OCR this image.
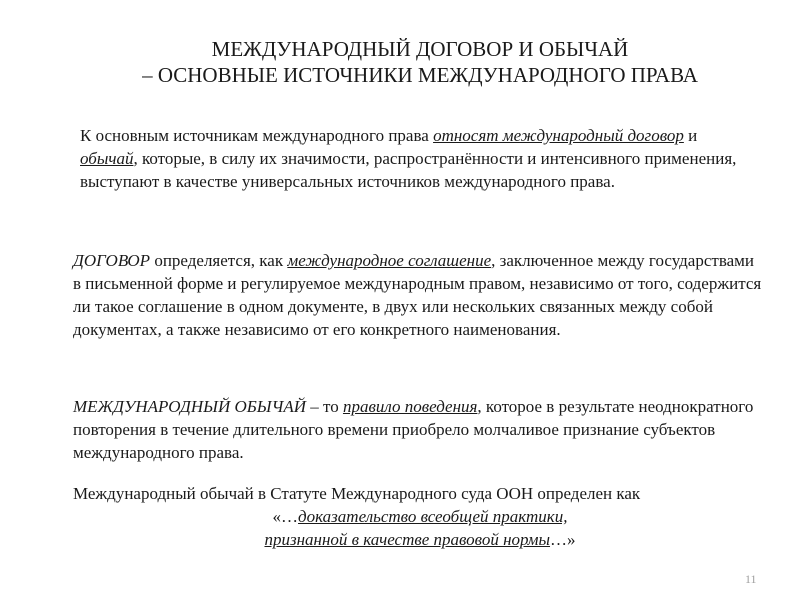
МЕЖДУНАРОДНЫЙ ДОГОВОР И ОБЫЧАЙ
– ОСНОВНЫЕ ИСТОЧНИКИ МЕЖДУНАРОДНОГО ПРАВА
К основным источникам международного права относят международный договор и обычай, которые, в силу их значимости, распространённости и интенсивного применения, выступают в качестве универсальных источников международного права.
ДОГОВОР определяется, как международное соглашение, заключенное между государствами в письменной форме и регулируемое международным правом, независимо от того, содержится ли такое соглашение в одном документе, в двух или нескольких связанных между собой документах, а также независимо от его конкретного наименования.
МЕЖДУНАРОДНЫЙ ОБЫЧАЙ – то правило поведения, которое в результате неоднократного повторения в течение длительного времени приобрело молчаливое признание субъектов международного права.
Международный обычай в Статуте Международного суда ООН определен как
«…доказательство всеобщей практики,
признанной в качестве правовой нормы…»
11
